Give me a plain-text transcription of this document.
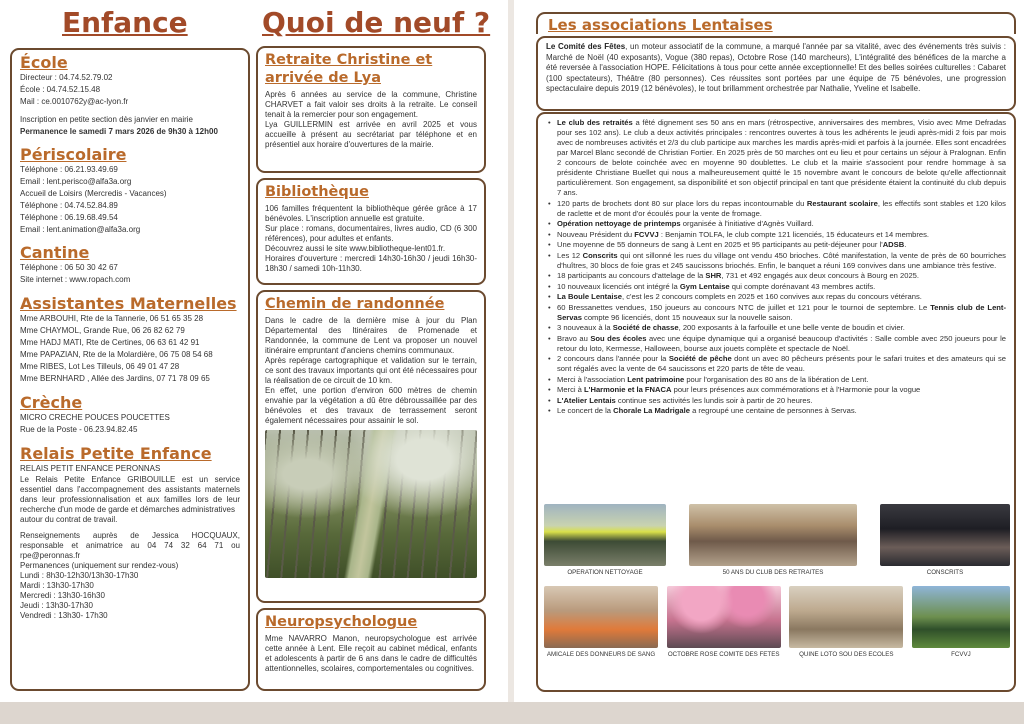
Enfance	Quoi de neuf ?
École
Directeur : 04.74.52.79.02
École : 04.74.52.15.48
Mail : ce.0010762y@ac-lyon.fr
Inscription en petite section dès janvier en mairie
Permanence le samedi 7 mars 2026 de 9h30 à 12h00
Périscolaire
Téléphone : 06.21.93.49.69
Email : lent.perisco@alfa3a.org
Accueil de Loisirs (Mercredis - Vacances)
Téléphone : 04.74.52.84.89
Téléphone : 06.19.68.49.54
Email : lent.animation@alfa3a.org
Cantine
Téléphone : 06 50 30 42 67
Site internet : www.ropach.com
Assistantes Maternelles
Mme ARBOUHI, Rte de la Tannerie, 06 51 65 35 28
Mme CHAYMOL, Grande Rue, 06 26 82 62 79
Mme HADJ MATI, Rte de Certines, 06 63 61 42 91
Mme PAPAZIAN, Rte de la Molardière, 06 75 08 54 68
Mme RIBES, Lot Les Tilleuls, 06 49 01 47 28
Mme BERNHARD , Allée des Jardins, 07 71 78 09 65
Crèche
MICRO CRECHE POUCES POUCETTES
Rue de la Poste - 06.23.94.82.45
Relais Petite Enfance
RELAIS PETIT ENFANCE PERONNAS
Le Relais Petite Enfance GRIBOUILLE est un service essentiel dans l'accompagnement des assistants maternels dans leur professionnalisation et aux familles lors de leur recherche d'un mode de garde et démarches administratives
autour du contrat de travail.
Renseignements auprès de Jessica HOCQUAUX, responsable et animatrice au 04 74 32 64 71 ou rpe@peronnas.fr
Permanences (uniquement sur rendez-vous)
Lundi : 8h30-12h30/13h30-17h30
Mardi : 13h30-17h30
Mercredi : 13h30-16h30
Jeudi : 13h30-17h30
Vendredi : 13h30- 17h30
Retraite Christine et arrivée de Lya
Après 6 années au service de la commune, Christine CHARVET a fait valoir ses droits à la retraite. Le conseil tenait à la remercier pour son engagement.
Lya GUILLERMIN est arrivée en avril 2025 et vous accueille à présent au secrétariat par téléphone et en présentiel aux horaire d'ouvertures de la mairie.
Bibliothèque
106 familles fréquentent la bibliothèque gérée grâce à 17 bénévoles. L'inscription annuelle est gratuite.
Sur place : romans, documentaires, livres audio, CD (6 300 références), pour adultes et enfants.
Découvrez aussi le site www.bibliotheque-lent01.fr.
Horaires d'ouverture : mercredi 14h30-16h30 / jeudi 16h30-18h30 / samedi 10h-11h30.
Chemin de randonnée
Dans le cadre de la dernière mise à jour du Plan Départemental des Itinéraires de Promenade et Randonnée, la commune de Lent va proposer un nouvel itinéraire empruntant d'anciens chemins communaux.
Après repérage cartographique et validation sur le terrain, ce sont des travaux importants qui ont été nécessaires pour la réalisation de ce circuit de 10 km.
En effet, une portion d'environ 600 mètres de chemin envahie par la végétation a dû être débroussaillée par des bénévoles et des travaux de terrassement seront également nécessaires pour assainir le sol.
Neuropsychologue
Mme NAVARRO Manon, neuropsychologue est arrivée cette année à Lent. Elle reçoit au cabinet médical, enfants et adolescents à partir de 6 ans dans le cadre de difficultés attentionnelles, scolaires, comportementales ou cognitives.
Les associations Lentaises

Le Comité des Fêtes, un moteur associatif de la commune, a marqué l'année par sa vitalité, avec des événements très suivis : Marché de Noël (40 exposants), Vogue (380 repas), Octobre Rose (140 marcheurs), L'intégralité des bénéfices de la marche a été reversée à l'association HOPE. Félicitations à tous pour cette année exceptionnelle! Et des belles soirées culturelles : Cabaret (100 spectateurs), Théâtre (80 personnes). Ces réussites sont portées par une équipe de 75 bénévoles, une progression spectaculaire depuis 2019 (12 bénévoles), le tout brillamment orchestrée par Nathalie, Yveline et Isabelle.

• Le club des retraités a fêté dignement ses 50 ans en mars (rétrospective, anniversaires des membres, Visio avec Mme Defradas pour ses 102 ans). Le club a deux activités principales : rencontres ouvertes à tous les adhérents le jeudi après-midi 2 fois par mois avec de nombreuses activités et 2/3 du club participe aux marches les mardis après-midi et parfois à la journée. Elles sont encadrées par Marcel Blanc secondé de Christian Fortier. En 2025 près de 50 marches ont eu lieu et pour certains un séjour à Pralognan. Enfin 2 concours de belote coinchée avec en moyenne 90 doublettes. Le club et la mairie s'associent pour rendre hommage à sa présidente Christiane Buellet qui nous a malheureusement quitté le 15 novembre avant le concours de belote qu'elle affectionnait particulièrement. Son engagement, sa disponibilité et son objectif principal en tant que présidente étaient la continuité du club depuis 7 ans.
• 120 parts de brochets dont 80 sur place lors du repas incontournable du Restaurant scolaire, les effectifs sont stables et 120 kilos de raclette et de mont d'or écoulés pour la vente de fromage.
• Opération nettoyage de printemps organisée à l'initiative d'Agnès Vuillard.
• Nouveau Président du FCVVJ : Benjamin TOLFA, le club compte 121 licenciés, 15 éducateurs et 14 membres.
• Une moyenne de 55 donneurs de sang à Lent en 2025 et 95 participants au petit-déjeuner pour l'ADSB.
• Les 12 Conscrits qui ont sillonné les rues du village ont vendu 450 brioches. Côté manifestation, la vente de près de 60 bourriches d'huîtres, 30 blocs de foie gras et 245 saucissons briochés. Enfin, le banquet a réuni 169 convives dans une ambiance très festive.
• 18 participants au concours d'attelage de la SHR, 731 et 492 engagés aux deux concours à Bourg en 2025.
• 10 nouveaux licenciés ont intégré la Gym Lentaise qui compte dorénavant 43 membres actifs.
• La Boule Lentaise, c'est les 2 concours complets en 2025 et 160 convives aux repas du concours vétérans.
• 60 Bressanettes vendues, 150 joueurs au concours NTC de juillet et 121 pour le tournoi de septembre. Le Tennis club de Lent-Servas compte 96 licenciés, dont 15 nouveaux sur la nouvelle saison.
• 3 nouveaux à la Société de chasse, 200 exposants à la farfouille et une belle vente de boudin et civier.
• Bravo au Sou des écoles avec une équipe dynamique qui a organisé beaucoup d'activités : Salle comble avec 250 joueurs pour le retour du loto, Kermesse, Halloween, bourse aux jouets complète et spectacle de Noël.
• 2 concours dans l'année pour la Société de pêche dont un avec 80 pêcheurs présents pour le safari truites et des amateurs qui se sont régalés avec la vente de 64 saucissons et 220 parts de tête de veau.
• Merci à l'association Lent patrimoine pour l'organisation des 80 ans de la libération de Lent.
• Merci à L'Harmonie et la FNACA pour leurs présences aux commémorations et à l'Harmonie pour la vogue
• L'Atelier Lentais continue ses activités les lundis soir à partir de 20 heures.
• Le concert de la Chorale La Madrigale a regroupé une centaine de personnes à Servas.
OPERATION NETTOYAGE	50 ANS DU CLUB DES RETRAITES	CONSCRITS
AMICALE DES DONNEURS DE SANG	OCTOBRE ROSE COMITE DES FETES	QUINE LOTO SOU DES ECOLES	FCVVJ
